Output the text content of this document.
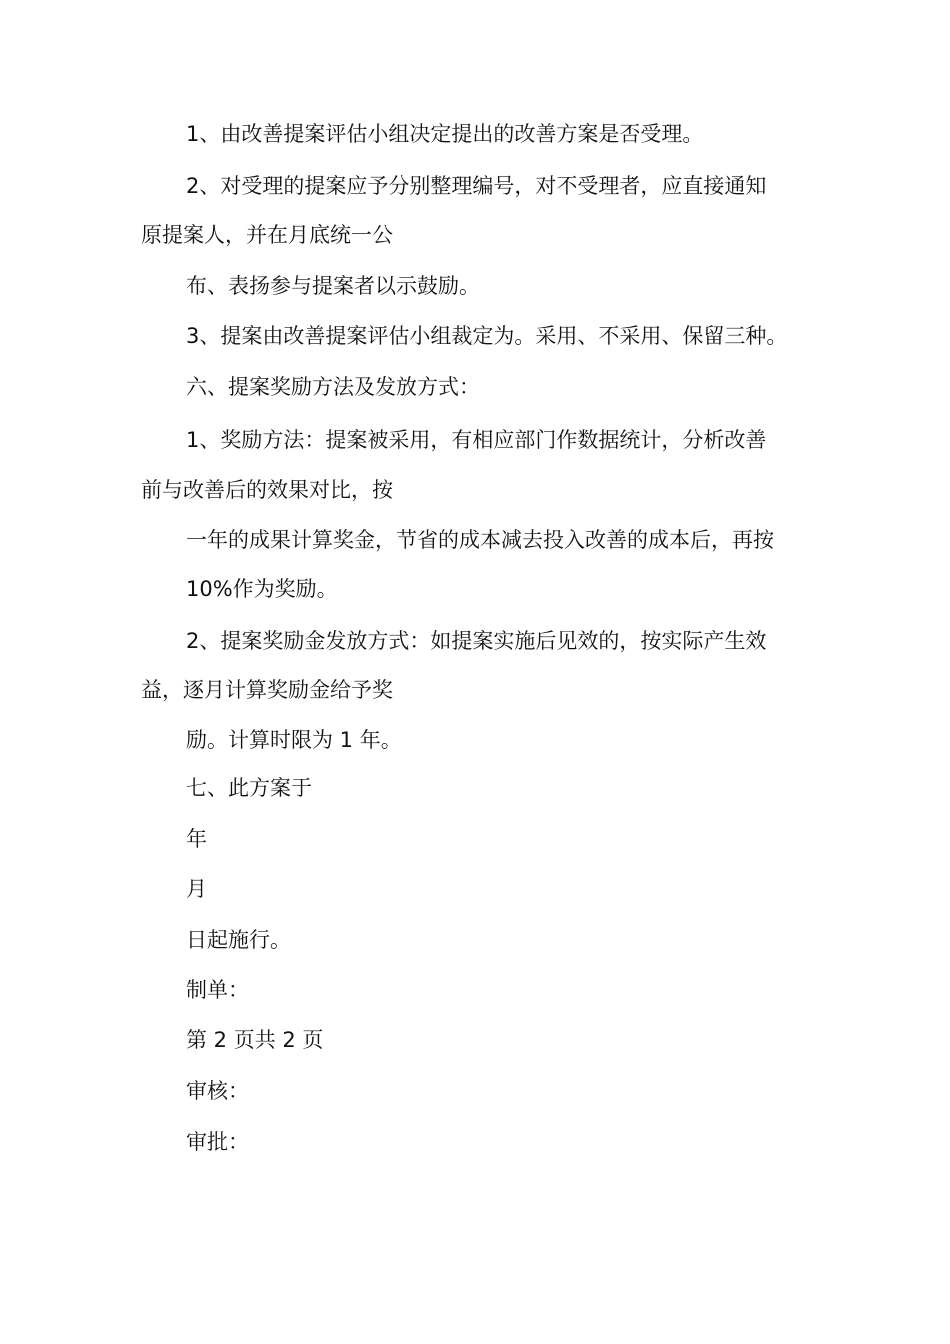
1、由改善提案评估小组决定提出的改善方案是否受理。
2、对受理的提案应予分别整理编号，对不受理者，应直接通知
原提案人，并在月底统一公
布、表扬参与提案者以示鼓励。
3、提案由改善提案评估小组裁定为。采用、不采用、保留三种。
六、提案奖励方法及发放方式：
1、奖励方法：提案被采用，有相应部门作数据统计，分析改善
前与改善后的效果对比，按
一年的成果计算奖金，节省的成本减去投入改善的成本后，再按
10%作为奖励。
2、提案奖励金发放方式：如提案实施后见效的，按实际产生效
益，逐月计算奖励金给予奖
励。计算时限为 1 年。
七、此方案于
年
月
日起施行。
制单：
第 2 页共 2 页
审核：
审批：
